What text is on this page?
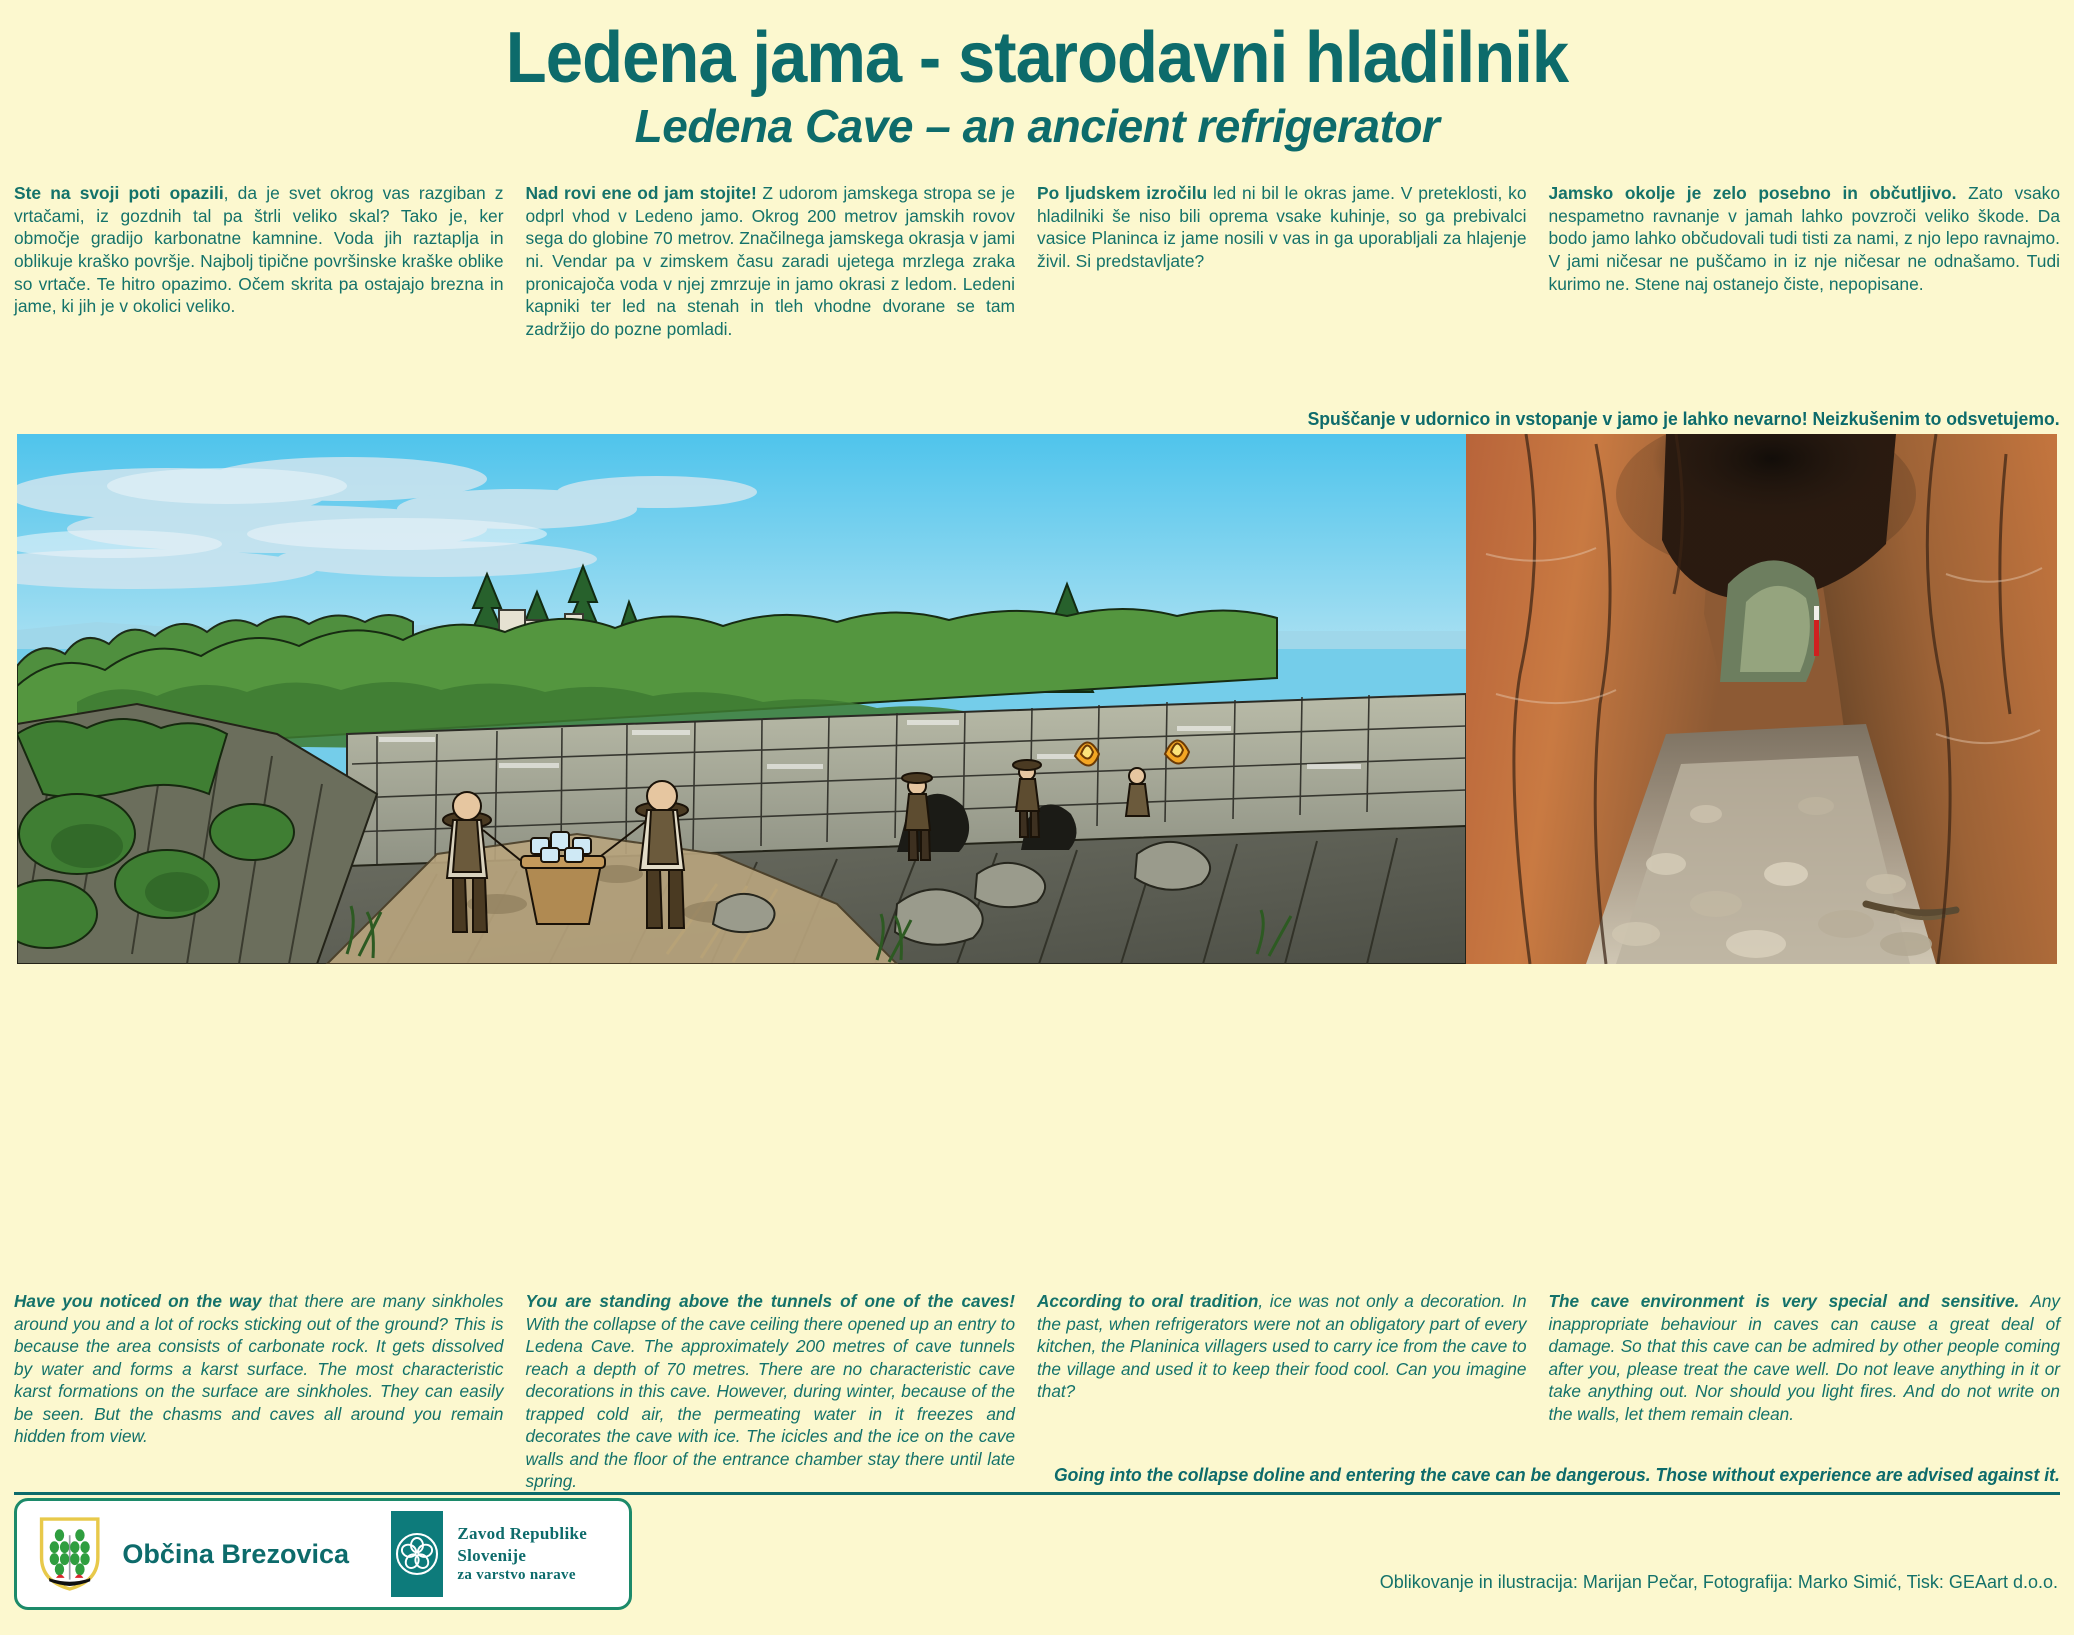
Ledena jama - starodavni hladilnik
Ledena Cave – an ancient refrigerator
Ste na svoji poti opazili, da je svet okrog vas razgiban z vrtačami, iz gozdnih tal pa štrli veliko skal? Tako je, ker območje gradijo karbonatne kamnine. Voda jih raztaplja in oblikuje kraško površje. Najbolj tipične površinske kraške oblike so vrtače. Te hitro opazimo. Očem skrita pa ostajajo brezna in jame, ki jih je v okolici veliko.
Nad rovi ene od jam stojite! Z udorom jamskega stropa se je odprl vhod v Ledeno jamo. Okrog 200 metrov jamskih rovov sega do globine 70 metrov. Značilnega jamskega okrasja v jami ni. Vendar pa v zimskem času zaradi ujetega mrzlega zraka pronicajoča voda v njej zmrzuje in jamo okrasi z ledom. Ledeni kapniki ter led na stenah in tleh vhodne dvorane se tam zadržijo do pozne pomladi.
Po ljudskem izročilu led ni bil le okras jame. V preteklosti, ko hladilniki še niso bili oprema vsake kuhinje, so ga prebivalci vasice Planinca iz jame nosili v vas in ga uporabljali za hlajenje živil. Si predstavljate?
Jamsko okolje je zelo posebno in občutljivo. Zato vsako nespametno ravnanje v jamah lahko povzroči veliko škode. Da bodo jamo lahko občudovali tudi tisti za nami, z njo lepo ravnajmo. V jami ničesar ne puščamo in iz nje ničesar ne odnašamo. Tudi kurimo ne. Stene naj ostanejo čiste, nepopisane.
Spuščanje v udornico in vstopanje v jamo je lahko nevarno! Neizkušenim to odsvetujemo.
Have you noticed on the way that there are many sinkholes around you and a lot of rocks sticking out of the ground? This is because the area consists of carbonate rock. It gets dissolved by water and forms a karst surface. The most characteristic karst formations on the surface are sinkholes. They can easily be seen. But the chasms and caves all around you remain hidden from view.
You are standing above the tunnels of one of the caves! With the collapse of the cave ceiling there opened up an entry to Ledena Cave. The approximately 200 metres of cave tunnels reach a depth of 70 metres. There are no characteristic cave decorations in this cave. However, during winter, because of the trapped cold air, the permeating water in it freezes and decorates the cave with ice. The icicles and the ice on the cave walls and the floor of the entrance chamber stay there until late spring.
According to oral tradition, ice was not only a decoration. In the past, when refrigerators were not an obligatory part of every kitchen, the Planinica villagers used to carry ice from the cave to the village and used it to keep their food cool. Can you imagine that?
The cave environment is very special and sensitive. Any inappropriate behaviour in caves can cause a great deal of damage. So that this cave can be admired by other people coming after you, please treat the cave well. Do not leave anything in it or take anything out. Nor should you light fires. And do not write on the walls, let them remain clean.
Going into the collapse doline and entering the cave can be dangerous. Those without experience are advised against it.
Občina Brezovica
Zavod Republike Slovenije
za varstvo narave	Oblikovanje in ilustracija: Marijan Pečar, Fotografija: Marko Simić, Tisk: GEAart d.o.o.
